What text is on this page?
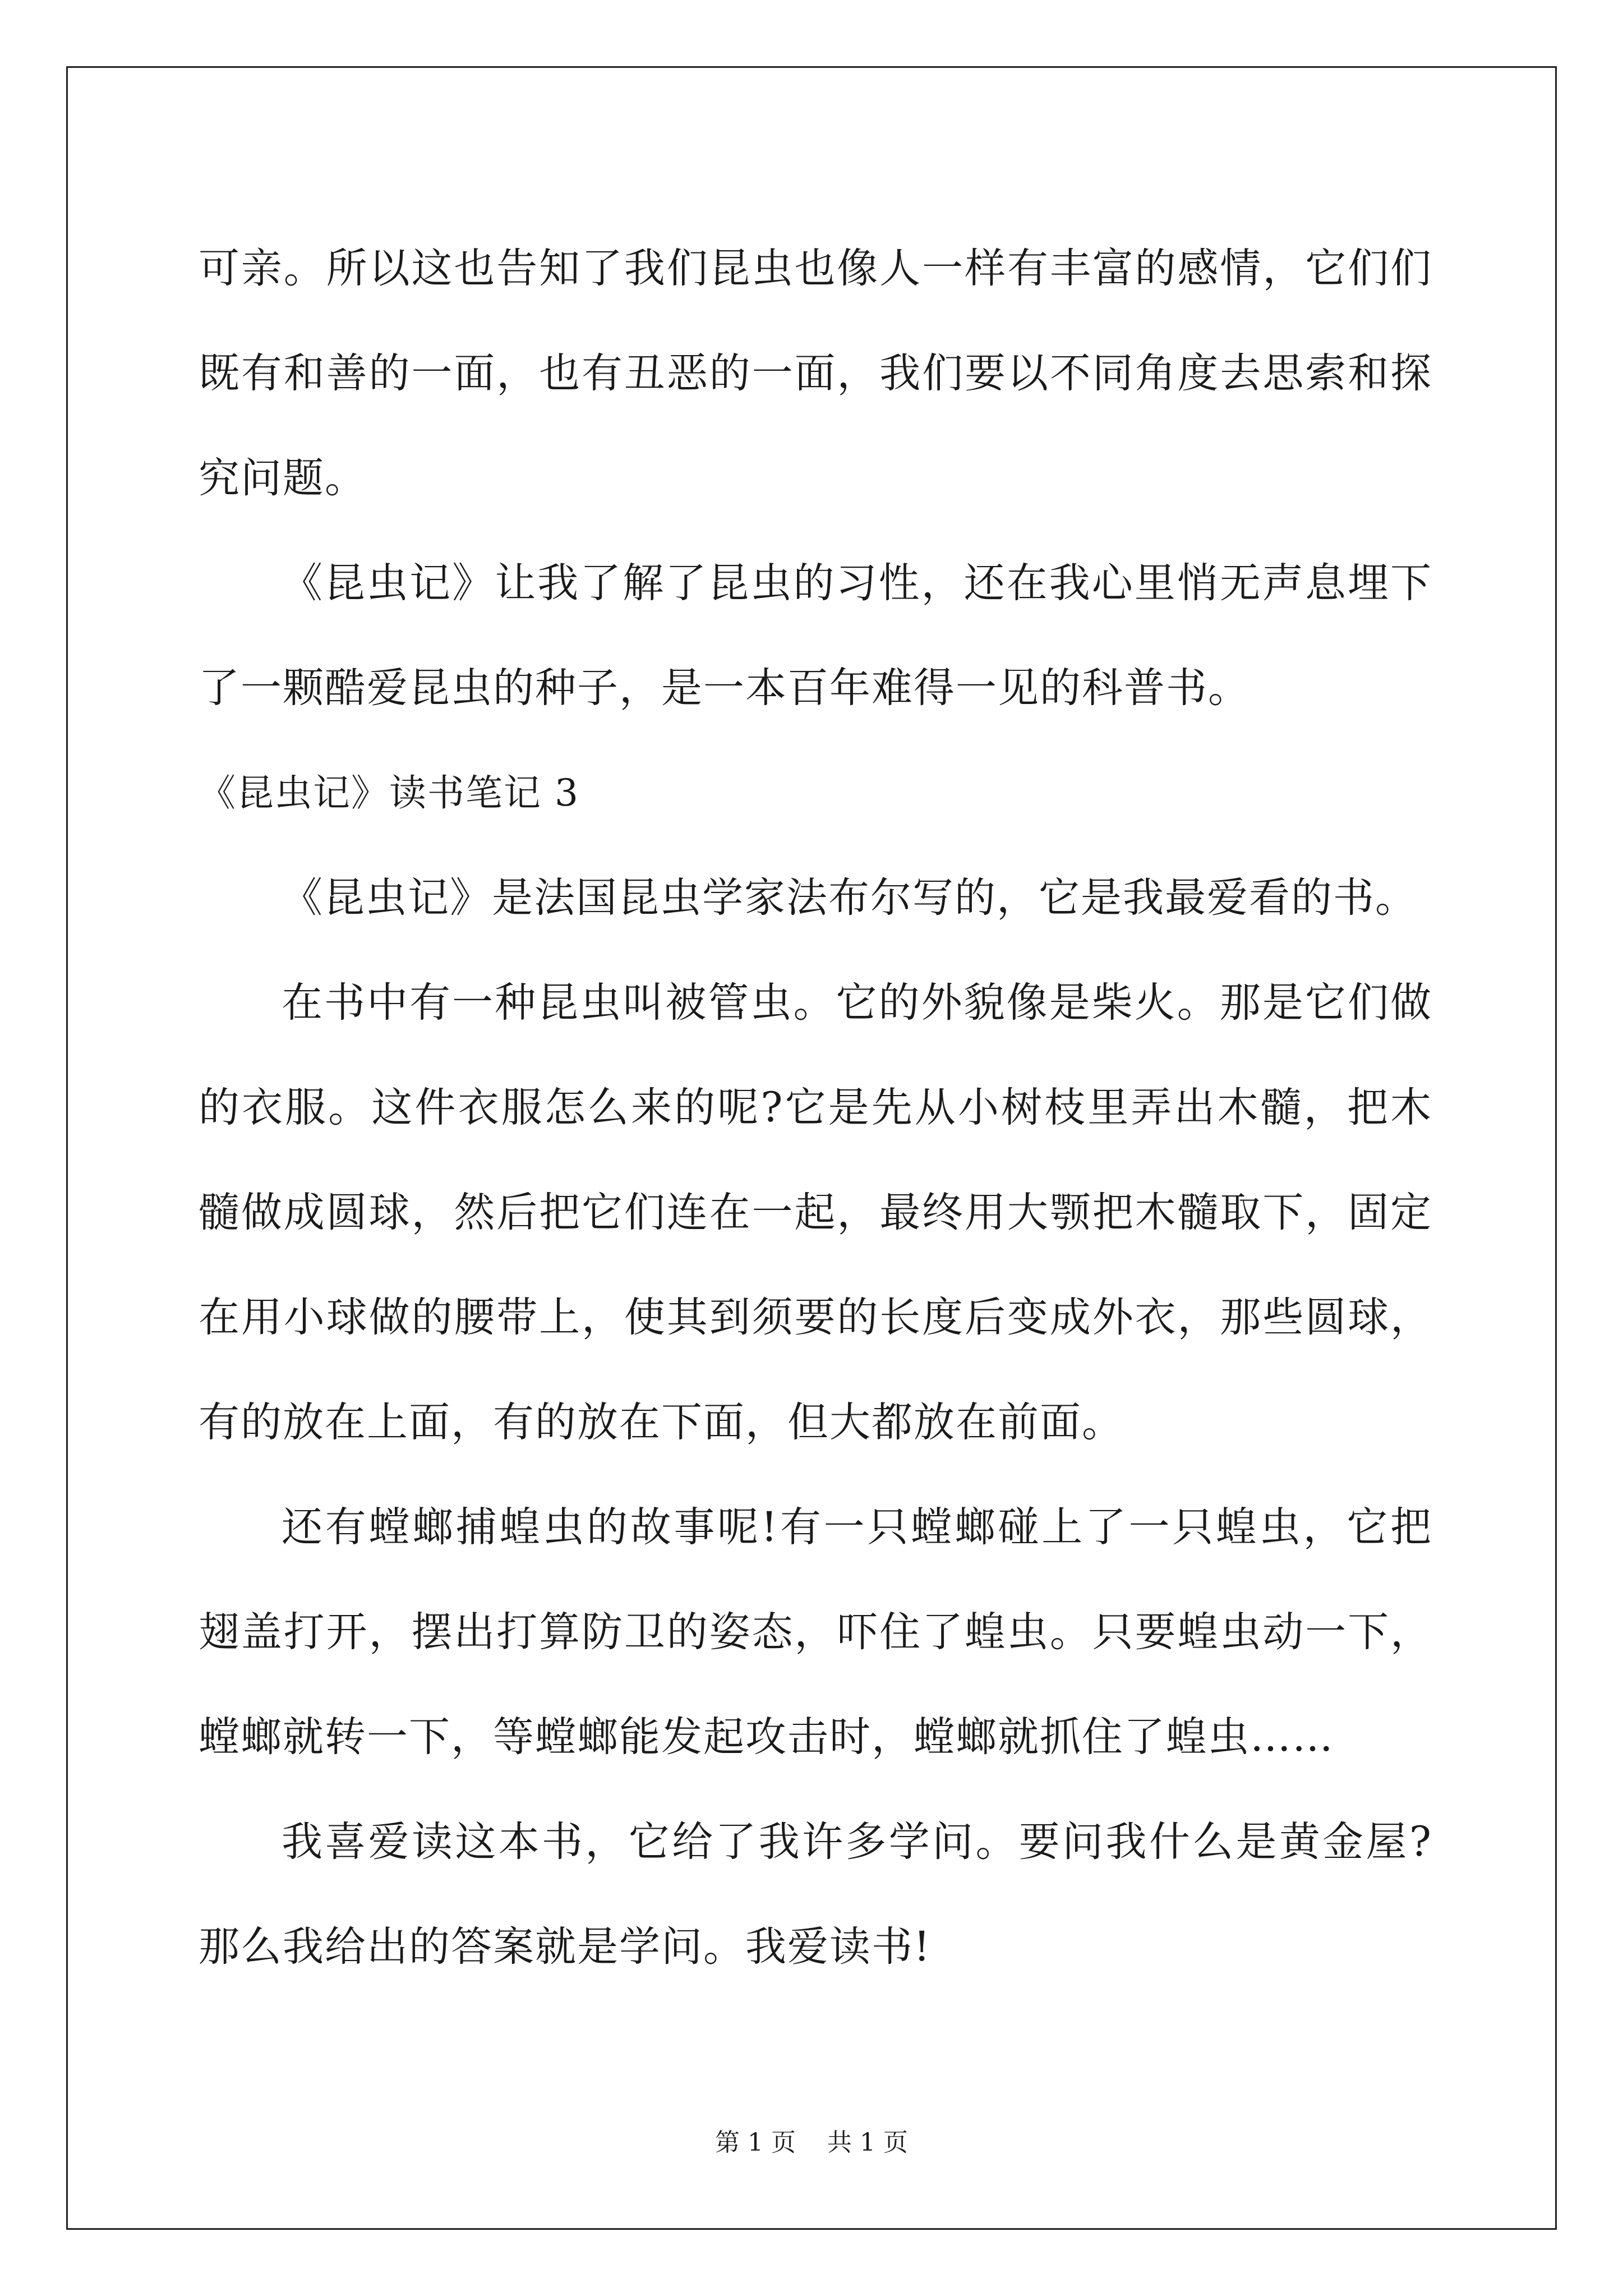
可亲。所以这也告知了我们昆虫也像人一样有丰富的感情，它们们既有和善的一面，也有丑恶的一面，我们要以不同角度去思索和探究问题。

《昆虫记》让我了解了昆虫的习性，还在我心里悄无声息埋下了一颗酷爱昆虫的种子，是一本百年难得一见的科普书。

《昆虫记》读书笔记 3

《昆虫记》是法国昆虫学家法布尔写的，它是我最爱看的书。

在书中有一种昆虫叫被管虫。它的外貌像是柴火。那是它们做的衣服。这件衣服怎么来的呢?它是先从小树枝里弄出木髓，把木髓做成圆球，然后把它们连在一起，最终用大颚把木髓取下，固定在用小球做的腰带上，使其到须要的长度后变成外衣，那些圆球，有的放在上面，有的放在下面，但大都放在前面。

还有螳螂捕蝗虫的故事呢!有一只螳螂碰上了一只蝗虫，它把翅盖打开，摆出打算防卫的姿态，吓住了蝗虫。只要蝗虫动一下，螳螂就转一下，等螳螂能发起攻击时，螳螂就抓住了蝗虫……

我喜爱读这本书，它给了我许多学问。要问我什么是黄金屋?那么我给出的答案就是学问。我爱读书!

第 1 页 共 1 页
